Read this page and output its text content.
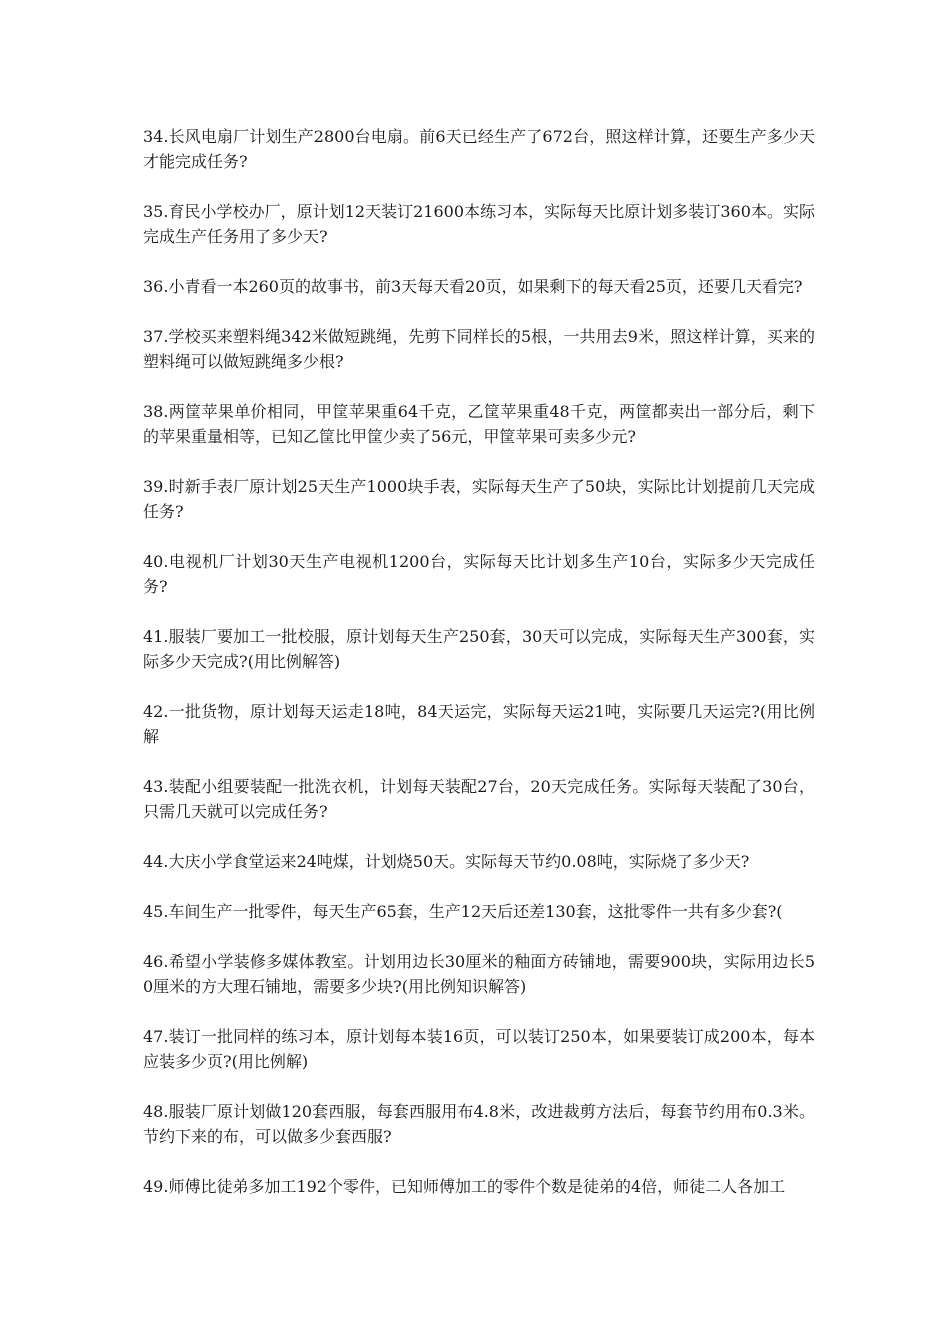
34.长风电扇厂计划生产2800台电扇。前6天已经生产了672台，照这样计算，还要生产多少天才能完成任务?

35.育民小学校办厂，原计划12天装订21600本练习本，实际每天比原计划多装订360本。实际完成生产任务用了多少天?

36.小青看一本260页的故事书，前3天每天看20页，如果剩下的每天看25页，还要几天看完?

37.学校买来塑料绳342米做短跳绳，先剪下同样长的5根，一共用去9米，照这样计算，买来的塑料绳可以做短跳绳多少根?

38.两筐苹果单价相同，甲筐苹果重64千克，乙筐苹果重48千克，两筐都卖出一部分后，剩下的苹果重量相等，已知乙筐比甲筐少卖了56元，甲筐苹果可卖多少元?

39.时新手表厂原计划25天生产1000块手表，实际每天生产了50块，实际比计划提前几天完成任务?

40.电视机厂计划30天生产电视机1200台，实际每天比计划多生产10台，实际多少天完成任务?

41.服装厂要加工一批校服，原计划每天生产250套，30天可以完成，实际每天生产300套，实际多少天完成?(用比例解答)

42.一批货物，原计划每天运走18吨，84天运完，实际每天运21吨，实际要几天运完?(用比例解

43.装配小组要装配一批洗衣机，计划每天装配27台，20天完成任务。实际每天装配了30台，只需几天就可以完成任务?

44.大庆小学食堂运来24吨煤，计划烧50天。实际每天节约0.08吨，实际烧了多少天?

45.车间生产一批零件，每天生产65套，生产12天后还差130套，这批零件一共有多少套?(

46.希望小学装修多媒体教室。计划用边长30厘米的釉面方砖铺地，需要900块，实际用边长50厘米的方大理石铺地，需要多少块?(用比例知识解答)

47.装订一批同样的练习本，原计划每本装16页，可以装订250本，如果要装订成200本，每本应装多少页?(用比例解)

48.服装厂原计划做120套西服，每套西服用布4.8米，改进裁剪方法后，每套节约用布0.3米。节约下来的布，可以做多少套西服?

49.师傅比徒弟多加工192个零件，已知师傅加工的零件个数是徒弟的4倍，师徒二人各加工
